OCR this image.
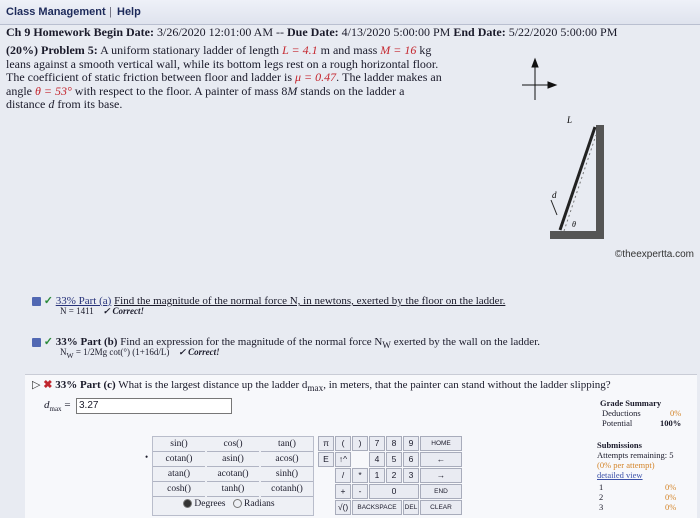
Class Management | Help
Ch 9 Homework Begin Date: 3/26/2020 12:01:00 AM -- Due Date: 4/13/2020 5:00:00 PM End Date: 5/22/2020 5:00:00 PM
(20%) Problem 5: A uniform stationary ladder of length L = 4.1 m and mass M = 16 kg leans against a smooth vertical wall, while its bottom legs rest on a rough horizontal floor. The coefficient of static friction between floor and ladder is μ = 0.47. The ladder makes an angle θ = 53° with respect to the floor. A painter of mass 8M stands on the ladder a distance d from its base.
d
θ
L
©theexpertta.com
✓ 33% Part (a) Find the magnitude of the normal force N, in newtons, exerted by the floor on the ladder.
N = 1411 ✓ Correct!
✓ 33% Part (b) Find an expression for the magnitude of the normal force $N_W$ exerted by the wall on the ladder.
$N_W = 1/2Mg$ cot(°) (1+16d/L) ✓ Correct!
▷ ✖ 33% Part (c) What is the largest distance up the ladder $d_{max}$, in meters, that the painter can stand without the ladder slipping?
$d_{max} = 3.27$	Grade Summary
Deductions	0%
Potential	100%
Submissions
Attempts remaining: 5
(0% per attempt)
detailed view
1	0%
2	0%
3	0%
sin()	cos()	tan()
cotan()	asin()	acos()
atan()	acotan()	sinh()
cosh()	tanh()	cotanh()
Degrees Radians
•
π	(	)	7	8	9	HOME
E	↑^	4	5	6	←
/	*	1	2	3	→
+	-	0	END
√()	BACKSPACE	DEL	CLEAR
